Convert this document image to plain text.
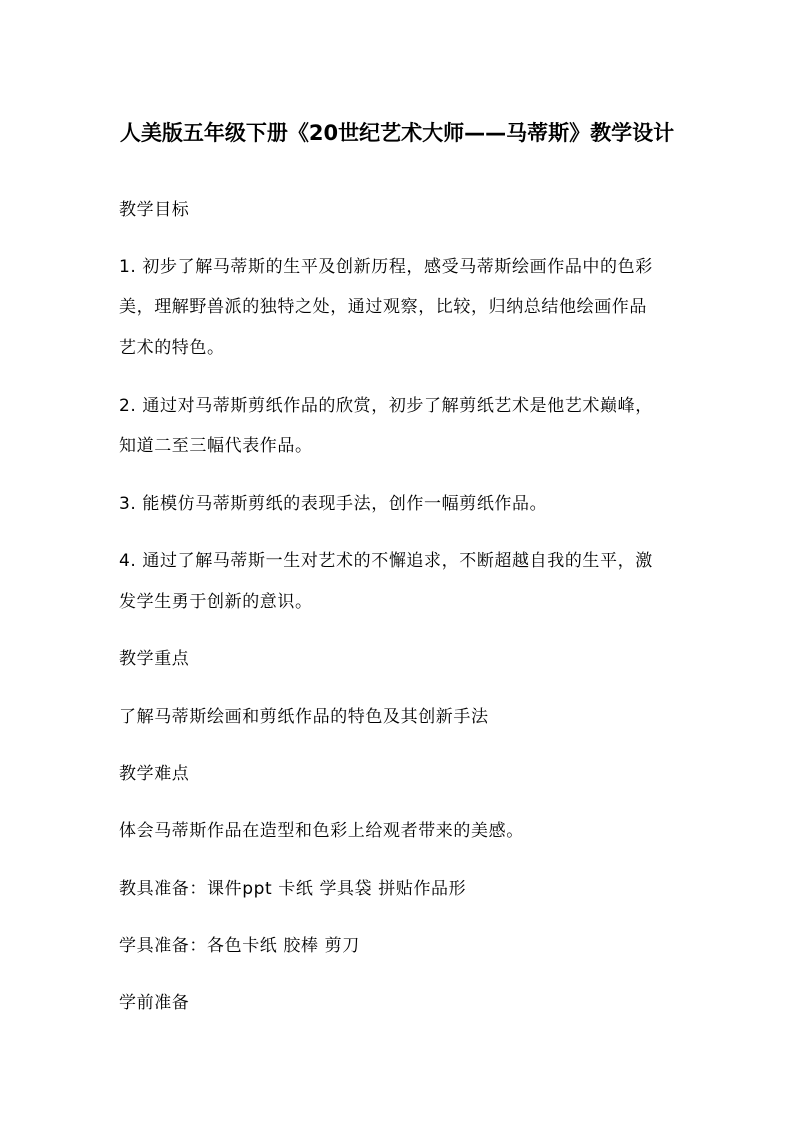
人美版五年级下册《20世纪艺术大师——马蒂斯》教学设计
教学目标
1. 初步了解马蒂斯的生平及创新历程，感受马蒂斯绘画作品中的色彩
美，理解野兽派的独特之处，通过观察，比较，归纳总结他绘画作品
艺术的特色。
2. 通过对马蒂斯剪纸作品的欣赏，初步了解剪纸艺术是他艺术巅峰，
知道二至三幅代表作品。
3. 能模仿马蒂斯剪纸的表现手法，创作一幅剪纸作品。
4. 通过了解马蒂斯一生对艺术的不懈追求，不断超越自我的生平，激
发学生勇于创新的意识。
教学重点
了解马蒂斯绘画和剪纸作品的特色及其创新手法
教学难点
体会马蒂斯作品在造型和色彩上给观者带来的美感。
教具准备：课件ppt 卡纸 学具袋 拼贴作品形
学具准备：各色卡纸 胶棒 剪刀
学前准备
